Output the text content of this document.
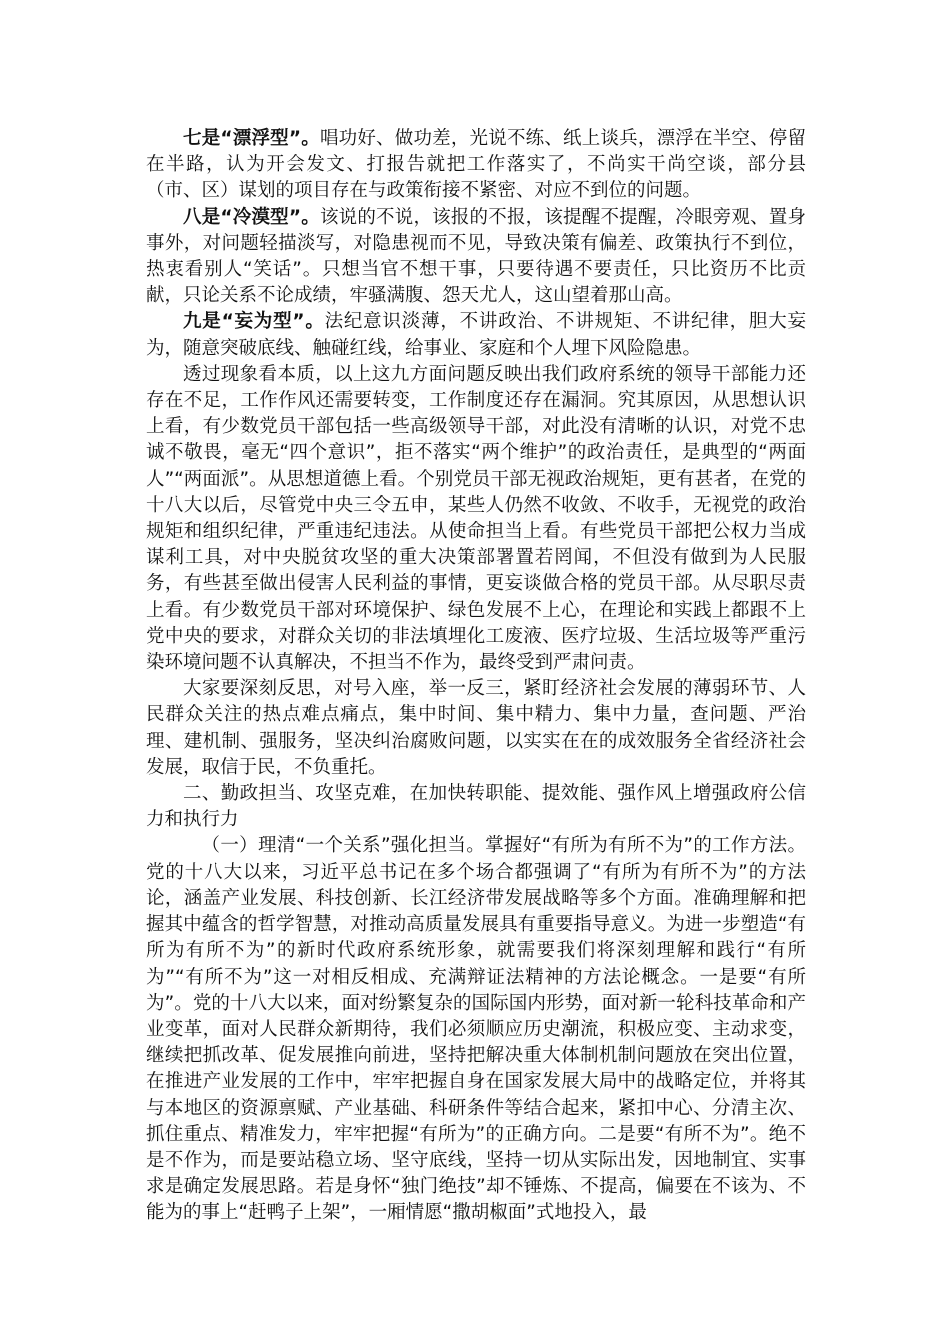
七是“漂浮型”。唱功好、做功差，光说不练、纸上谈兵，漂浮在半空、停留在半路，认为开会发文、打报告就把工作落实了，不尚实干尚空谈，部分县（市、区）谋划的项目存在与政策衔接不紧密、对应不到位的问题。

八是“冷漠型”。该说的不说，该报的不报，该提醒不提醒，冷眼旁观、置身事外，对问题轻描淡写，对隐患视而不见，导致决策有偏差、政策执行不到位，热衷看别人“笑话”。只想当官不想干事，只要待遇不要责任，只比资历不比贡献，只论关系不论成绩，牢骚满腹、怨天尤人，这山望着那山高。

九是“妄为型”。法纪意识淡薄，不讲政治、不讲规矩、不讲纪律，胆大妄为，随意突破底线、触碰红线，给事业、家庭和个人埋下风险隐患。

透过现象看本质，以上这九方面问题反映出我们政府系统的领导干部能力还存在不足，工作作风还需要转变，工作制度还存在漏洞。究其原因，从思想认识上看，有少数党员干部包括一些高级领导干部，对此没有清晰的认识，对党不忠诚不敬畏，毫无“四个意识”，拒不落实“两个维护”的政治责任，是典型的“两面人”“两面派”。从思想道德上看。个别党员干部无视政治规矩，更有甚者，在党的十八大以后，尽管党中央三令五申，某些人仍然不收敛、不收手，无视党的政治规矩和组织纪律，严重违纪违法。从使命担当上看。有些党员干部把公权力当成谋利工具，对中央脱贫攻坚的重大决策部署置若罔闻，不但没有做到为人民服务，有些甚至做出侵害人民利益的事情，更妄谈做合格的党员干部。从尽职尽责上看。有少数党员干部对环境保护、绿色发展不上心，在理论和实践上都跟不上党中央的要求，对群众关切的非法填埋化工废液、医疗垃圾、生活垃圾等严重污染环境问题不认真解决，不担当不作为，最终受到严肃问责。

大家要深刻反思，对号入座，举一反三，紧盯经济社会发展的薄弱环节、人民群众关注的热点难点痛点，集中时间、集中精力、集中力量，查问题、严治理、建机制、强服务，坚决纠治腐败问题，以实实在在的成效服务全省经济社会发展，取信于民，不负重托。

二、勤政担当、攻坚克难，在加快转职能、提效能、强作风上增强政府公信力和执行力

（一）理清“一个关系”强化担当。掌握好“有所为有所不为”的工作方法。党的十八大以来，习近平总书记在多个场合都强调了“有所为有所不为”的方法论，涵盖产业发展、科技创新、长江经济带发展战略等多个方面。准确理解和把握其中蕴含的哲学智慧，对推动高质量发展具有重要指导意义。为进一步塑造“有所为有所不为”的新时代政府系统形象，就需要我们将深刻理解和践行“有所为”“有所不为”这一对相反相成、充满辩证法精神的方法论概念。一是要“有所为”。党的十八大以来，面对纷繁复杂的国际国内形势，面对新一轮科技革命和产业变革，面对人民群众新期待，我们必须顺应历史潮流，积极应变、主动求变，继续把抓改革、促发展推向前进，坚持把解决重大体制机制问题放在突出位置，在推进产业发展的工作中，牢牢把握自身在国家发展大局中的战略定位，并将其与本地区的资源禀赋、产业基础、科研条件等结合起来，紧扣中心、分清主次、抓住重点、精准发力，牢牢把握“有所为”的正确方向。二是要“有所不为”。绝不是不作为，而是要站稳立场、坚守底线，坚持一切从实际出发，因地制宜、实事求是确定发展思路。若是身怀“独门绝技”却不锤炼、不提高，偏要在不该为、不能为的事上“赶鸭子上架”，一厢情愿“撒胡椒面”式地投入，最
